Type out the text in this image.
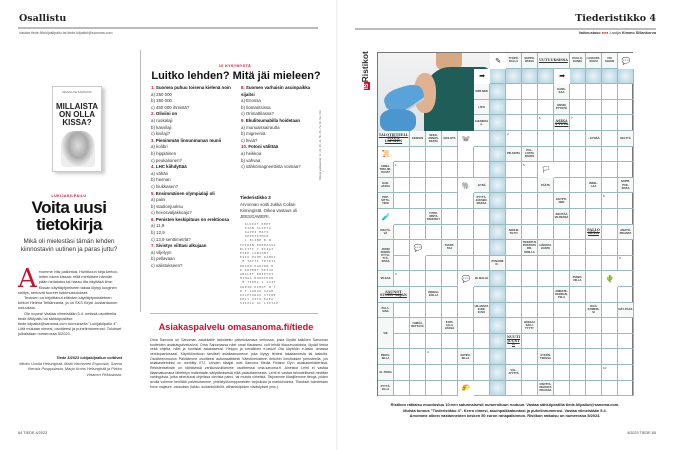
Osallistu
Vastaa tiede.fi/lukijakilpailu tai tiede.kilpailut@sanoma.com
HELENA TELKÄNRANTA
MILLAISTA ON OLLA KISSA?
LUKIJAKILPAILU
Voita uusi tietokirja
Mikä oli mielestäsi tämän lehden kiinnostavin uutinen ja paras juttu?
A rvomme viisi palkintoa. Huhtikuun kirja kertoo, miten lukea kissaa: mitä merkitsee hännän pään heilahdus tai hassu ilta näyttäsä ilme. Kissan käyttäytymiseen takaa löytyy looginen selitys, kertovat tuoreet tutkimustulokset.

Teoksen on kirjoittanut eläinten käyttäytymistieteen tohtori Helena Telkänranta, ja on SKS Kirjat -kustantamon uutuuksia.

Ole nopea! Vastaa viimeistään 5.4. netissä osoitteella tiede.fi/kilpailu tai sähköpostitse tiede.kilpailut@sanoma.com tunnuksella "Lukijakilpailu 4". Liitä mukaan nimesi, osoitteesi ja puhelinnumerosi. Tulokset julkaistaan numerossa 5/2023.

Tiede 3/2023 lukijakilpailun voittivat
Minttu Uunila Helsingistä, Matti Vanhonen Espoosta, Sanna Nevala Pusppolasta, Marja Krons Helsingistä ja Pirkko Virtanen Pirkkalasta.
64 TIEDE 4/2023
10 KYSYMYSTÄ
Luitko lehden? Mitä jäi mieleen?
1. Suomea puhuu toisena kielenä noin
a) 250 000
b) 350 000
c) 450 000 ihmistä?
2. Oliviini on
a) ruokalaji
b) kasvilaji
c) kivilaji?
3. Pienimmän linnunmunan munii
a) kolibri
b) hippiäinen
c) peukaloinen?
4. LHC kiihdyttää
a) vähän
b) hieman
c) hiukkasen?
5. Ensimmäinen olympialaji oli
a) paini
b) stadionjuoksu
c) hevosvaljakkoajo?
6. Penisten keskipituus on erektiossa
a) 11,9
b) 12,9
c) 13,9 senttimetriä?
7. Sivistys viittasi alkujaan
a) viljelyyn
b) pellavaan
c) valistukseen?
8. Suomen varhaisin asuinpaikka sijaitsi
a) Enossa
b) Ilomantsissa
c) Orimattilassa?
9. Ekulitsumabilla hoidetaan
a) munuaissairautta
b) migreeniä
c) hiviä?
10. Fotoni välittää
a) heikkoa
b) vahvaa
c) sähkömagneettista voimaa?
Tiederistikko 3
Arvonnan voitti Jukka Collan Kiimingistä. Oikea vastaus oli JEESGAWERI.
ALKIOT KEHT
SIAN ALKETA
SAPPI MATO
SEPOTIIMIN
L ELIBE N N
TOIKEN KOKMASSA
ELITTI T RIIAT
EIKE LABIONT
EIIO PAHE KAMOT
M TATTI TETKTA
ERIKN KAKIKN M
E ARPENT KEIJO
ANGLET KRIETOT
MIHAA ROKKIKON
M TIEMA L SAIT
ADRIN KIMOT M T
R I LARAA SAAM
KILETARAS STIRE
KELY OITO KAEA
SIIOSA OL LIOTAP
Oikeat vastaukset: 1c, 2c, 3b, 4c, 5b, 6b, 7a, 8c, 9a, 10c.
Asiakaspalvelu omasanoma.fi/tiede
Oma Sanoma on Sanoman asiakkaille tarkoitettu palvelukanava verkossa, josta löydät kaikkien Sanoman tuotteiden asiakaspalvelusivut. Oma Sanomassa näet omat tilauksesi, voit tehdä tilausmuutoksia, löydät tietoa sekä ohjeita, näet ja tunnistat asiakasetusi. Helppo ja turvallinen e-lasku! Ota käyttöön e-lasku omassa verkkopankissasi. Käyttöönottoon tarvitset asiakasnumeron joka löytyy lehtesi takakannesta tai laskulta. Osoitteenmuutos Päivitämme osoitteesi automaattisesti Väestörekisterin tietoihin ilmoituksen perusteella, jos asiakastietoihisi on merkitty VTJ. Lehden tilaajat ovat Sanoma Media Finland Oy:n asiakasrekisterissä. Rekisteriseloste on nähtävissä verkkosivuillamme osoitteessa oma.sanoma.fi. Aineistot Lehti ei vastaa tilaamattomana lähetetyn materiaalin säilyttämisestä eikä palauttamisesta. Lehti ei vastaa taloudellisesti mistään vahingoista, jotka aiheutuvat ohjelissa olevista paino- tai muista virheistä. Tarjoamme tilaajillemme tietoja, joiden avulla voimme kehittää palveluitamme, yhteistyökumppaneiden tarjouksia ja markkinointia. Tilaukset toimitetaan force majeure -varauksin (lakko, tuotantohäiriöt, alihankkijoiden viivästykset yms.).
Tiederistikko 4
Vaikeustaso ●●● Laatija Kimmo Sillankorva
ISRistikot	TYÖPÖ-DÄLLÄ
SUPPO-PASSA
UUTUUKSISSA	KUULO-ELIMIÄ
LASKUPA-SUKSI
VOI LEGER
SIIPI-NEN
LISTI
AHI-MEDA α-
TALOTIETEELLISTEN LAPSIEN
KESKEN
SEKO-ANNOS-DESTA
NAS-OTA
LINNA-TIIN LIIK-KUVAT
HAR-JASSA
POP-SITTA-TIKSI
-EYNÄ
PYYTÄ-JÄKSEN-MAKSA
TUTKI-MISTA PANOSKY
KIELTÄ-VÄ
JOKIN SORMI-PYYH-TYÄ-SISSÄ
TASOT-TAA
PUNAINEN ↓
VILKAS	JE-MALLE
SAUNOT STUDY SAJAN
VENEILI-JÖILLÄ
PALA-SINA
HILJAISTA KUNI-KUVA
YHMÄÄ-RETTÄVÄ
KOPI-ALLA HÄSSÄ
VIE
PIKKU-SILLA
AKTIIVI-SILLA
AL-TOIDA
PYYTÄ-JILLA
KANS-KAA
ENSIN PYYNTÖ
ASIKAS-TUTA
←EYNÄÄ	KELTYÄ
PIII-SOITA
PUL-LOSTA PANOS
PÄÄTE
INKEL-LAA
SOPPI-PUK-SISSA
EGYPTI-NEN
KIEVTÄÄ VE-DESSÄ
ARKIJE TILTYI
PALLO KULA
AMATÖ-PIKANTA
TIEDOTUSPOSTISTA FIR-MOILLA
HÄKKISI-HANTA
PIANO-NILLA
AMMATE-KERRAN-TELA
IKÄÄ KOMEDI-SI
NÄY-PÄÄS
HOKJAA SÄILI-TYYTY
NUUTI JUUSTO
ÄYKÖN-TEKSSA
VÄL-JYYTTÄ
OSOTTA-INHOSTA PIKASSA
✎	💬
➡	➡
🐭
📜
🐘
🧪
💬
💬
🌮
🌵
🏳
1
2
3
4
5
6	7
8
9
10
Ristikon ratkaisu muodostuu 10:een satunnaisesti numeroituun ruutuun. Vastaa sähköpostilla tiede.kilpailut@sanoma.com.
Muista tunnus "Tiederistikko 4". Kerro nimesi, asuinpaikkakuntasi ja puhelinnumerosi. Vastaa viimeistään 5.4.
Arvomme oikein vastanneiden kesken 50 euron rahapalkinnon. Ristikon ratkaisu on numerossa 5/2023.
4/2023 TIEDE 65
